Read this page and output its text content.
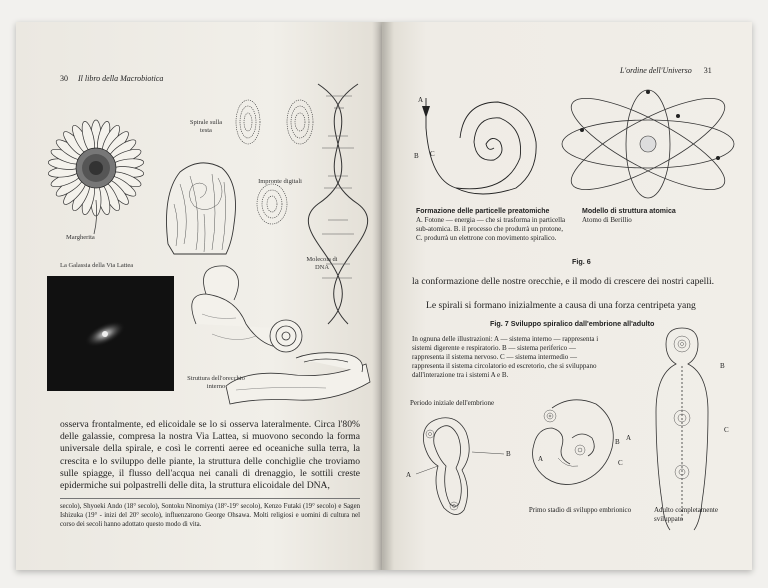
30 Il libro della Macrobiotica
Margherita
Spirale sulla testa
Impronte digitali
Molecola di DNA
La Galassia della Via Lattea
Struttura dell'orecchio interno
osserva frontalmente, ed elicoidale se lo si osserva lateralmente. Circa l'80% delle galassie, compresa la nostra Via Lattea, si muovono secondo la forma universale della spirale, e così le correnti aeree ed oceaniche sulla terra, la crescita e lo sviluppo delle piante, la struttura delle conchiglie che troviamo sulle spiagge, il flusso dell'acqua nei canali di drenaggio, le sottili creste epidermiche sui polpastrelli delle dita, la struttura elicoidale del DNA,
secolo), Shyoeki Ando (18° secolo), Sontoku Ninomiya (18°-19° secolo), Kenzo Futaki (19° secolo) e Sagen Ishizuka (19° - inizi del 20° secolo), influenzarono George Ohsawa. Molti religiosi e uomini di cultura nel corso dei secoli hanno adottato questo modo di vita.
L'ordine dell'Universo 31
A
B C
Formazione delle particelle preatomiche
A. Fotone — energia — che si trasforma in particella sub-atomica. B. il processo che produrrà un protone, C. produrrà un elettrone con movimento spiralico.
Modello di struttura atomica
Atomo di Berillio
Fig. 6
la conformazione delle nostre orecchie, e il modo di crescere dei nostri capelli.
Le spirali si formano inizialmente a causa di una forza centripeta yang
Fig. 7 Sviluppo spiralico dall'embrione all'adulto
In ognuna delle illustrazioni: A — sistema interno — rappresenta i sistemi digerente e respiratorio. B — sistema periferico — rappresenta il sistema nervoso. C — sistema intermedio — rappresenta il sistema circolatorio ed escretorio, che si sviluppano dall'interazione tra i sistemi A e B.
Periodo iniziale dell'embrione
A
B
A
B
C
Primo stadio di sviluppo embrionico
A
B
C
Adulto completamente sviluppato
